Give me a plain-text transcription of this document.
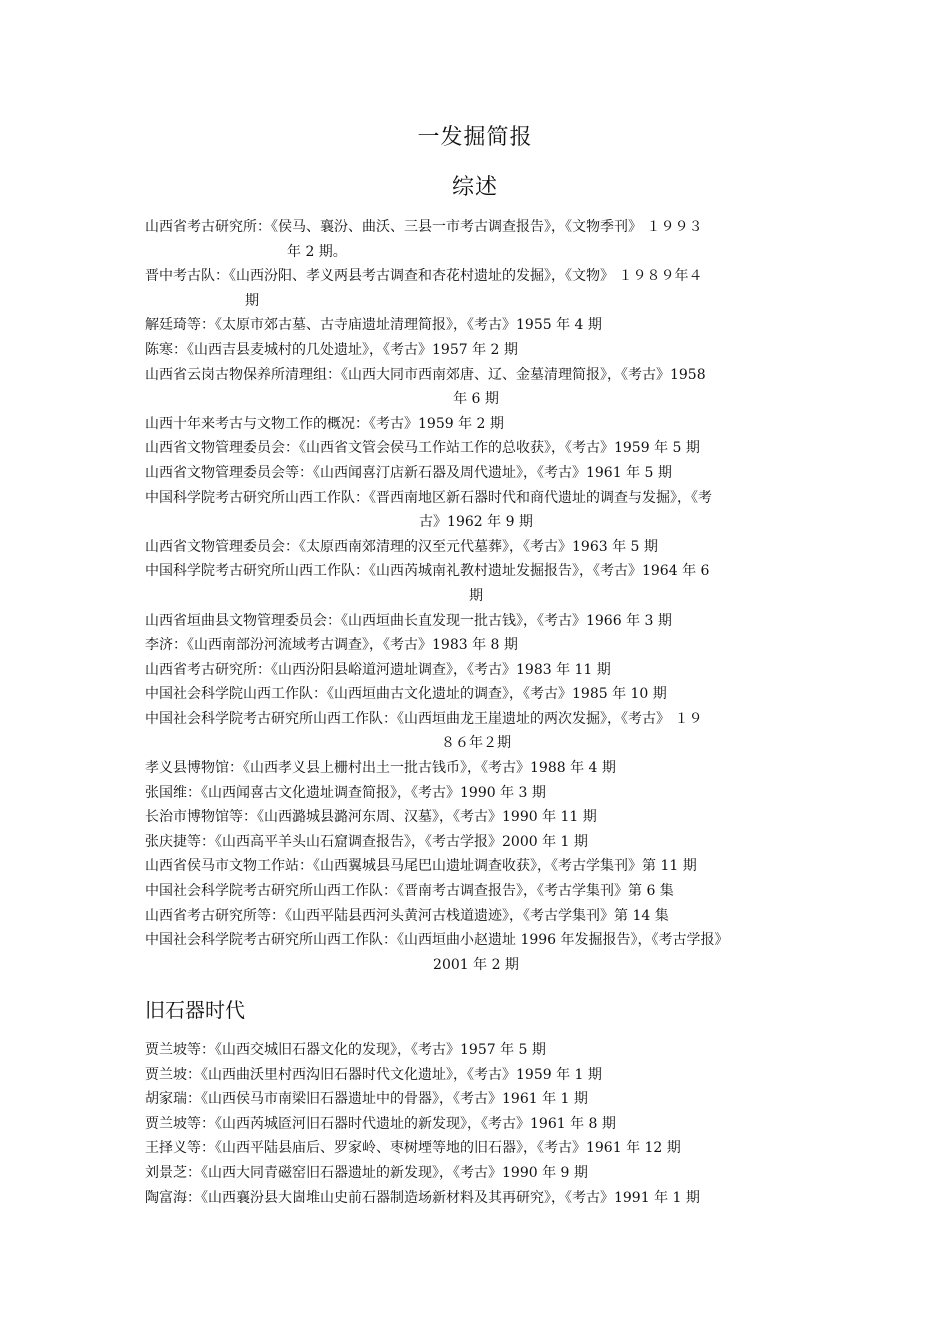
一发掘简报
综述
山西省考古研究所：《侯马、襄汾、曲沃、三县一市考古调查报告》，《文物季刊》 １９９３
年 2 期。
晋中考古队：《山西汾阳、孝义两县考古调查和杏花村遗址的发掘》，《文物》 １９８９年４
期
解廷琦等：《太原市郊古墓、古寺庙遗址清理简报》，《考古》1955 年 4 期
陈寒：《山西吉县麦城村的几处遗址》，《考古》1957 年 2 期
山西省云岗古物保养所清理组：《山西大同市西南郊唐、辽、金墓清理简报》，《考古》1958
年 6 期
山西十年来考古与文物工作的概况：《考古》1959 年 2 期
山西省文物管理委员会：《山西省文管会侯马工作站工作的总收获》，《考古》1959 年 5 期
山西省文物管理委员会等：《山西闻喜汀店新石器及周代遗址》，《考古》1961 年 5 期
中国科学院考古研究所山西工作队：《晋西南地区新石器时代和商代遗址的调查与发掘》，《考
古》1962 年 9 期
山西省文物管理委员会：《太原西南郊清理的汉至元代墓葬》，《考古》1963 年 5 期
中国科学院考古研究所山西工作队：《山西芮城南礼教村遗址发掘报告》，《考古》1964 年 6
期
山西省垣曲县文物管理委员会：《山西垣曲长直发现一批古钱》，《考古》1966 年 3 期
李济：《山西南部汾河流域考古调查》，《考古》1983 年 8 期
山西省考古研究所：《山西汾阳县峪道河遗址调查》，《考古》1983 年 11 期
中国社会科学院山西工作队：《山西垣曲古文化遗址的调查》，《考古》1985 年 10 期
中国社会科学院考古研究所山西工作队：《山西垣曲龙王崖遗址的两次发掘》，《考古》 １９
８６年２期
孝义县博物馆：《山西孝义县上栅村出土一批古钱币》，《考古》1988 年 4 期
张国维：《山西闻喜古文化遗址调查简报》，《考古》1990 年 3 期
长治市博物馆等：《山西潞城县潞河东周、汉墓》，《考古》1990 年 11 期
张庆捷等：《山西高平羊头山石窟调查报告》，《考古学报》2000 年 1 期
山西省侯马市文物工作站：《山西翼城县马尾巴山遗址调查收获》，《考古学集刊》第 11 期
中国社会科学院考古研究所山西工作队：《晋南考古调查报告》，《考古学集刊》第 6 集
山西省考古研究所等：《山西平陆县西河头黄河古栈道遗迹》，《考古学集刊》第 14 集
中国社会科学院考古研究所山西工作队：《山西垣曲小赵遗址 1996 年发掘报告》，《考古学报》
2001 年 2 期
旧石器时代
贾兰坡等：《山西交城旧石器文化的发现》，《考古》1957 年 5 期
贾兰坡：《山西曲沃里村西沟旧石器时代文化遗址》，《考古》1959 年 1 期
胡家瑞：《山西侯马市南梁旧石器遗址中的骨器》，《考古》1961 年 1 期
贾兰坡等：《山西芮城匼河旧石器时代遗址的新发现》，《考古》1961 年 8 期
王择义等：《山西平陆县庙后、罗家岭、枣树堙等地的旧石器》，《考古》1961 年 12 期
刘景芝：《山西大同青磁窑旧石器遗址的新发现》，《考古》1990 年 9 期
陶富海：《山西襄汾县大崮堆山史前石器制造场新材料及其再研究》，《考古》1991 年 1 期
